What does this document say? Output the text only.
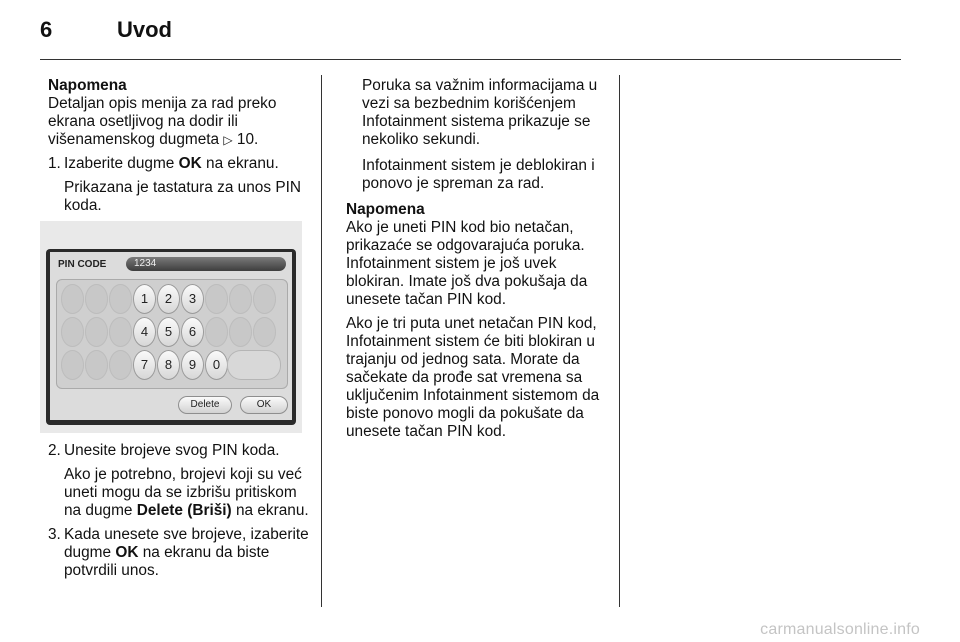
6	Uvod

Napomena

Detaljan opis menija za rad preko ekrana osetljivog na dodir ili višenamenskog dugmeta ▷ 10.

1. Izaberite dugme OK na ekranu.

Prikazana je tastatura za unos PIN koda.

PIN CODE	1234
1	2	3
4	5	6
7	8	9	0
Delete	OK
2. Unesite brojeve svog PIN koda.

Ako je potrebno, brojevi koji su već uneti mogu da se izbrišu pritiskom na dugme Delete (Briši) na ekranu.

3. Kada unesete sve brojeve, izaberite dugme OK na ekranu da biste potvrdili unos.

Poruka sa važnim informacijama u vezi sa bezbednim korišćenjem Infotainment sistema prikazuje se nekoliko sekundi.

Infotainment sistem je deblokiran i ponovo je spreman za rad.

Napomena

Ako je uneti PIN kod bio netačan, prikazaće se odgovarajuća poruka. Infotainment sistem je još uvek blokiran. Imate još dva pokušaja da unesete tačan PIN kod.

Ako je tri puta unet netačan PIN kod, Infotainment sistem će biti blokiran u trajanju od jednog sata. Morate da sačekate da prođe sat vremena sa uključenim Infotainment sistemom da biste ponovo mogli da pokušate da unesete tačan PIN kod.

carmanualsonline.info
